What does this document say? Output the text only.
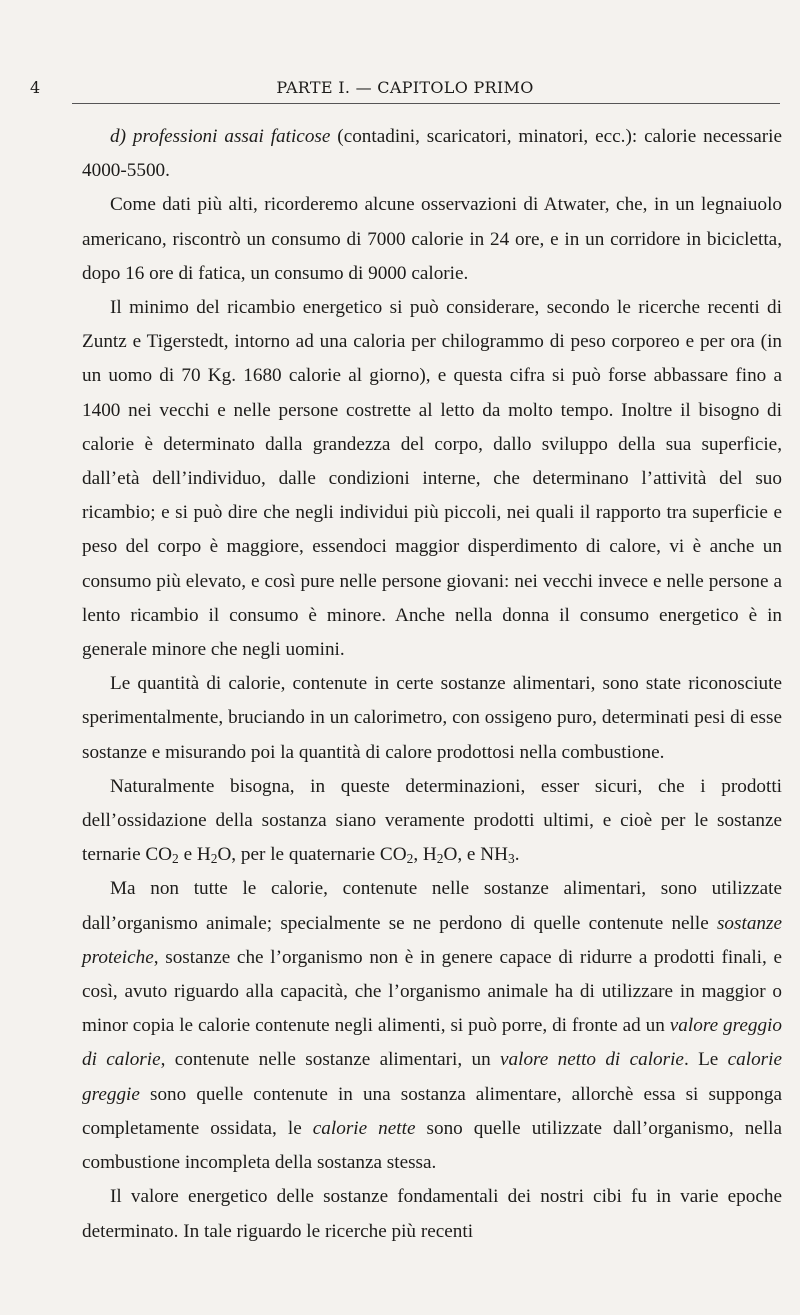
4	PARTE I. — CAPITOLO PRIMO

d) professioni assai faticose (contadini, scaricatori, minatori, ecc.): calorie necessarie 4000-5500.

Come dati più alti, ricorderemo alcune osservazioni di Atwater, che, in un legnaiuolo americano, riscontrò un consumo di 7000 calorie in 24 ore, e in un corridore in bicicletta, dopo 16 ore di fatica, un consumo di 9000 calorie.

Il minimo del ricambio energetico si può considerare, secondo le ricerche recenti di Zuntz e Tigerstedt, intorno ad una caloria per chilogrammo di peso corporeo e per ora (in un uomo di 70 Kg. 1680 calorie al giorno), e questa cifra si può forse abbassare fino a 1400 nei vecchi e nelle persone costrette al letto da molto tempo. Inoltre il bisogno di calorie è determinato dalla grandezza del corpo, dallo sviluppo della sua superficie, dall’età dell’individuo, dalle condizioni interne, che determinano l’attività del suo ricambio; e si può dire che negli individui più piccoli, nei quali il rapporto tra superficie e peso del corpo è maggiore, essendoci maggior disperdimento di calore, vi è anche un consumo più elevato, e così pure nelle persone giovani: nei vecchi invece e nelle persone a lento ricambio il consumo è minore. Anche nella donna il consumo energetico è in generale minore che negli uomini.

Le quantità di calorie, contenute in certe sostanze alimentari, sono state riconosciute sperimentalmente, bruciando in un calorimetro, con ossigeno puro, determinati pesi di esse sostanze e misurando poi la quantità di calore prodottosi nella combustione.

Naturalmente bisogna, in queste determinazioni, esser sicuri, che i prodotti dell’ossidazione della sostanza siano veramente prodotti ultimi, e cioè per le sostanze ternarie $CO_2$ e $H_2O$, per le quaternarie $CO_2$, $H_2O$, e $NH_3$.

Ma non tutte le calorie, contenute nelle sostanze alimentari, sono utilizzate dall’organismo animale; specialmente se ne perdono di quelle contenute nelle sostanze proteiche, sostanze che l’organismo non è in genere capace di ridurre a prodotti finali, e così, avuto riguardo alla capacità, che l’organismo animale ha di utilizzare in maggior o minor copia le calorie contenute negli alimenti, si può porre, di fronte ad un valore greggio di calorie, contenute nelle sostanze alimentari, un valore netto di calorie. Le calorie greggie sono quelle contenute in una sostanza alimentare, allorchè essa si supponga completamente ossidata, le calorie nette sono quelle utilizzate dall’organismo, nella combustione incompleta della sostanza stessa.

Il valore energetico delle sostanze fondamentali dei nostri cibi fu in varie epoche determinato. In tale riguardo le ricerche più recenti
